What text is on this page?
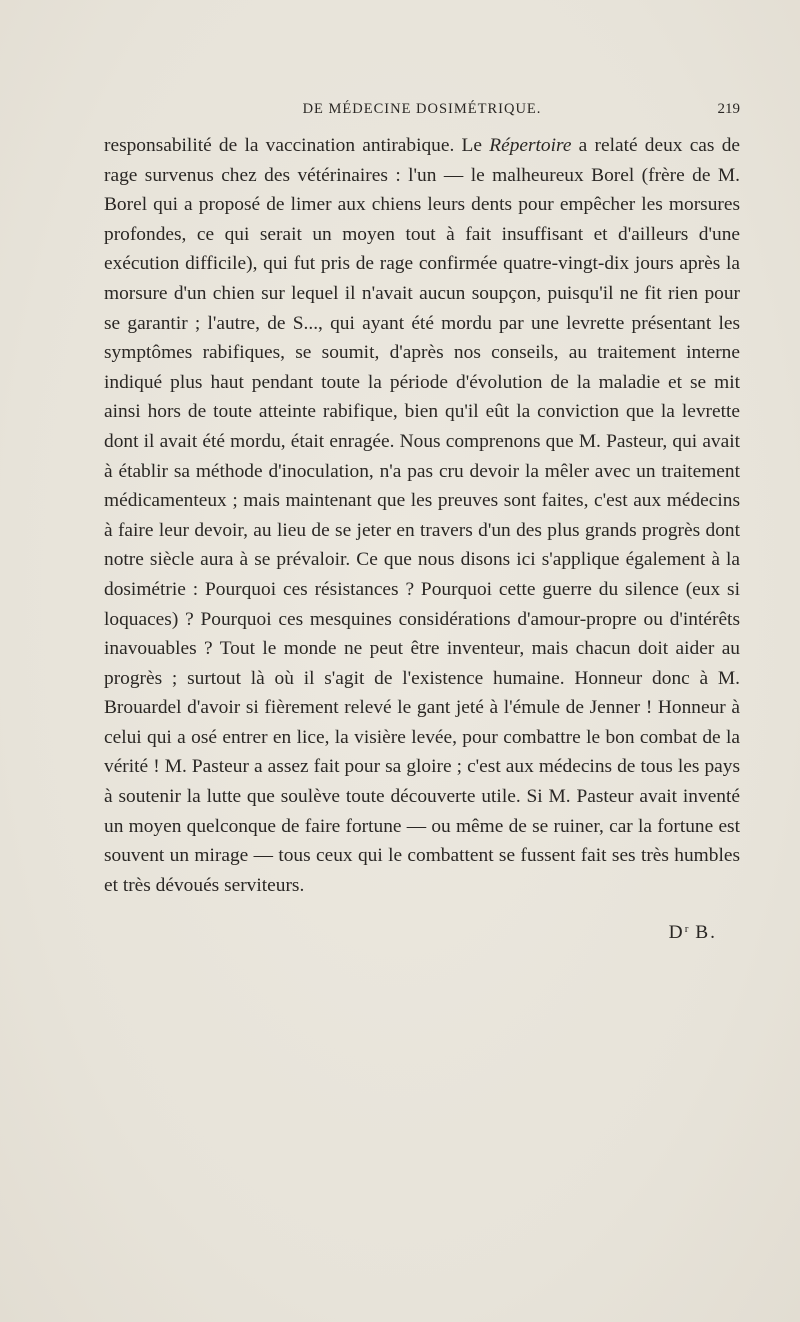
DE MÉDECINE DOSIMÉTRIQUE.	219

responsabilité de la vaccination antirabique. Le Répertoire a relaté deux cas de rage survenus chez des vétérinaires : l'un — le malheureux Borel (frère de M. Borel qui a proposé de limer aux chiens leurs dents pour empêcher les morsures profondes, ce qui serait un moyen tout à fait insuffisant et d'ailleurs d'une exécution difficile), qui fut pris de rage confirmée quatre-vingt-dix jours après la morsure d'un chien sur lequel il n'avait aucun soupçon, puisqu'il ne fit rien pour se garantir ; l'autre, de S..., qui ayant été mordu par une levrette présentant les symptômes rabifiques, se soumit, d'après nos conseils, au traitement interne indiqué plus haut pendant toute la période d'évolution de la maladie et se mit ainsi hors de toute atteinte rabifique, bien qu'il eût la conviction que la levrette dont il avait été mordu, était enragée. Nous comprenons que M. Pasteur, qui avait à établir sa méthode d'inoculation, n'a pas cru devoir la mêler avec un traitement médicamenteux ; mais maintenant que les preuves sont faites, c'est aux médecins à faire leur devoir, au lieu de se jeter en travers d'un des plus grands progrès dont notre siècle aura à se prévaloir. Ce que nous disons ici s'applique également à la dosimétrie : Pourquoi ces résistances ? Pourquoi cette guerre du silence (eux si loquaces) ? Pourquoi ces mesquines considérations d'amour-propre ou d'intérêts inavouables ? Tout le monde ne peut être inventeur, mais chacun doit aider au progrès ; surtout là où il s'agit de l'existence humaine. Honneur donc à M. Brouardel d'avoir si fièrement relevé le gant jeté à l'émule de Jenner ! Honneur à celui qui a osé entrer en lice, la visière levée, pour combattre le bon combat de la vérité ! M. Pasteur a assez fait pour sa gloire ; c'est aux médecins de tous les pays à soutenir la lutte que soulève toute découverte utile. Si M. Pasteur avait inventé un moyen quelconque de faire fortune — ou même de se ruiner, car la fortune est souvent un mirage — tous ceux qui le combattent se fussent fait ses très humbles et très dévoués serviteurs.

$D^r$ B.
